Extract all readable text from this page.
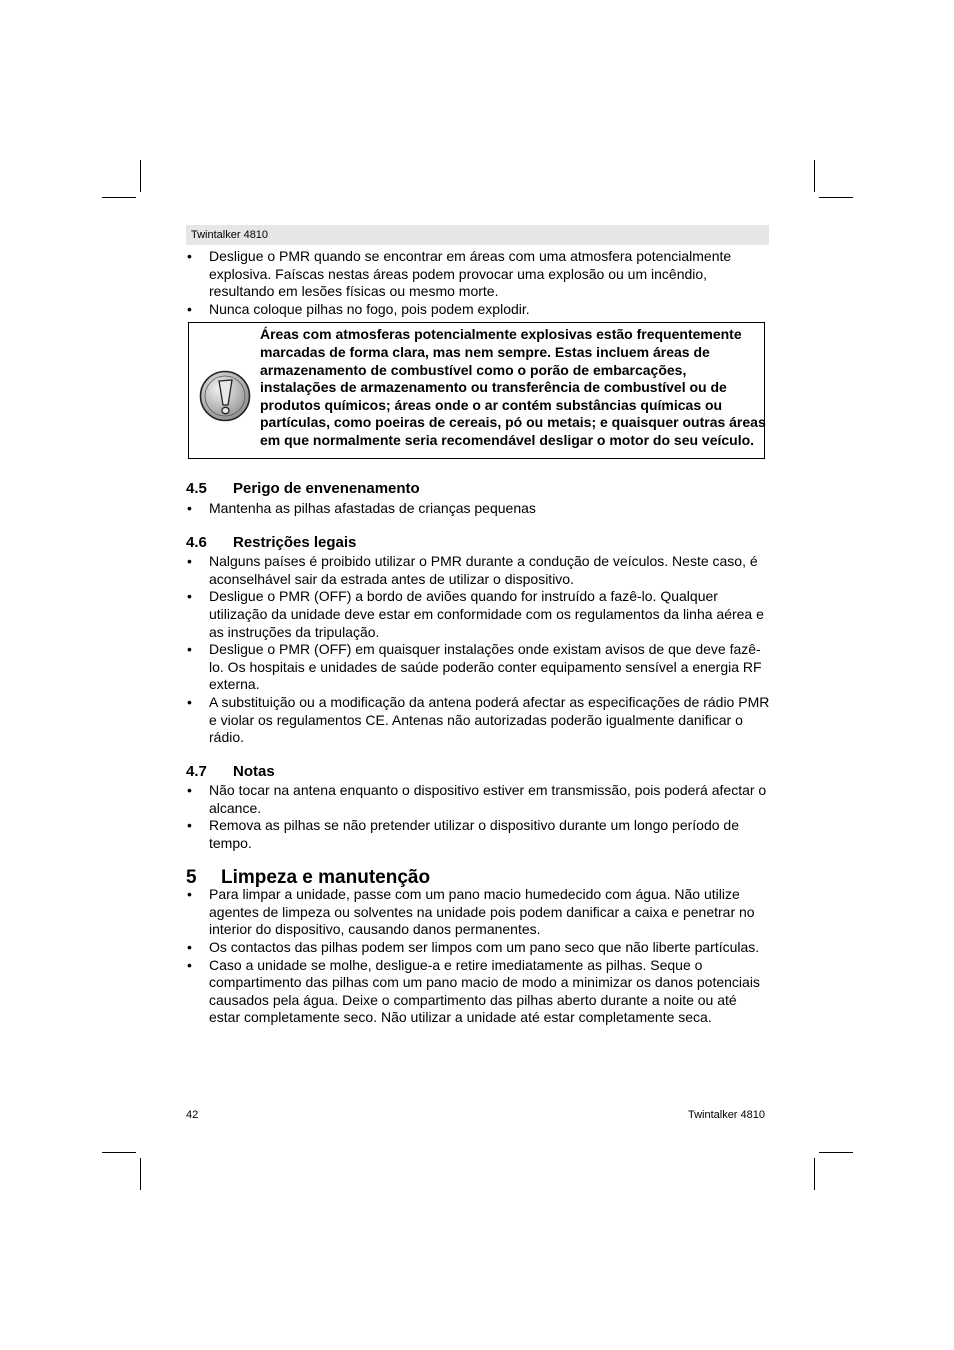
Twintalker 4810
• Desligue o PMR quando se encontrar em áreas com uma atmosfera potencialmente explosiva. Faíscas nestas áreas podem provocar uma explosão ou um incêndio, resultando em lesões físicas ou mesmo morte.
• Nunca coloque pilhas no fogo, pois podem explodir.
Áreas com atmosferas potencialmente explosivas estão frequentemente
marcadas de forma clara, mas nem sempre. Estas incluem áreas de
armazenamento de combustível como o porão de embarcações,
instalações de armazenamento ou transferência de combustível ou de
produtos químicos; áreas onde o ar contém substâncias químicas ou
partículas, como poeiras de cereais, pó ou metais; e quaisquer outras áreas
em que normalmente seria recomendável desligar o motor do seu veículo.
4.5 Perigo de envenenamento
• Mantenha as pilhas afastadas de crianças pequenas
4.6 Restrições legais
• Nalguns países é proibido utilizar o PMR durante a condução de veículos. Neste caso, é aconselhável sair da estrada antes de utilizar o dispositivo.
• Desligue o PMR (OFF) a bordo de aviões quando for instruído a fazê-lo. Qualquer utilização da unidade deve estar em conformidade com os regulamentos da linha aérea e as instruções da tripulação.
• Desligue o PMR (OFF) em quaisquer instalações onde existam avisos de que deve fazê-lo. Os hospitais e unidades de saúde poderão conter equipamento sensível a energia RF externa.
• A substituição ou a modificação da antena poderá afectar as especificações de rádio PMR e violar os regulamentos CE. Antenas não autorizadas poderão igualmente danificar o rádio.
4.7 Notas
• Não tocar na antena enquanto o dispositivo estiver em transmissão, pois poderá afectar o alcance.
• Remova as pilhas se não pretender utilizar o dispositivo durante um longo período de tempo.
5 Limpeza e manutenção
• Para limpar a unidade, passe com um pano macio humedecido com água. Não utilize agentes de limpeza ou solventes na unidade pois podem danificar a caixa e penetrar no interior do dispositivo, causando danos permanentes.
• Os contactos das pilhas podem ser limpos com um pano seco que não liberte partículas.
• Caso a unidade se molhe, desligue-a e retire imediatamente as pilhas. Seque o compartimento das pilhas com um pano macio de modo a minimizar os danos potenciais causados pela água. Deixe o compartimento das pilhas aberto durante a noite ou até estar completamente seco. Não utilizar a unidade até estar completamente seca.
42	Twintalker 4810
